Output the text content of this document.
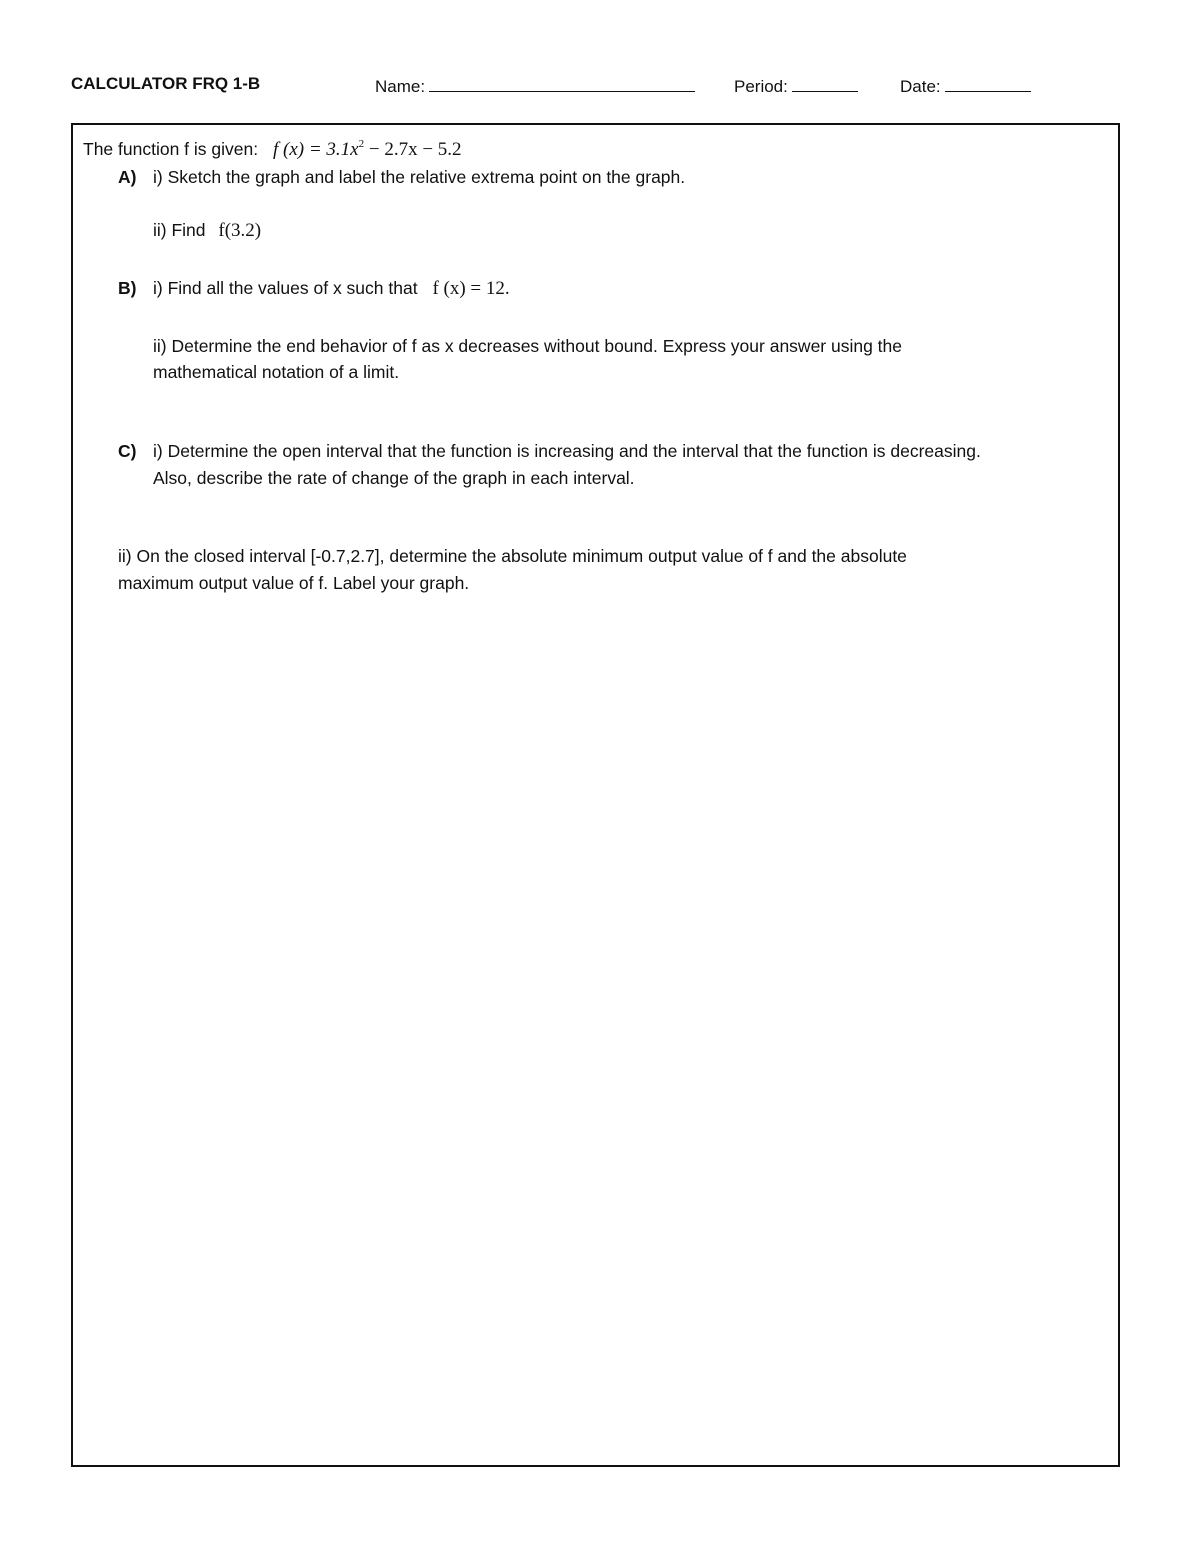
CALCULATOR FRQ 1-B	Name:	Period:	Date:
The function f is given: f $(x) = 3.1x^2 - 2.7x - 5.2$
A) i) Sketch the graph and label the relative extrema point on the graph.
ii) Find f(3.2)
B) i) Find all the values of x such that f (x) = 12.
ii) Determine the end behavior of f as x decreases without bound. Express your answer using the
mathematical notation of a limit.
C) i) Determine the open interval that the function is increasing and the interval that the function is decreasing.
Also, describe the rate of change of the graph in each interval.
ii) On the closed interval [-0.7,2.7], determine the absolute minimum output value of f and the absolute
maximum output value of f. Label your graph.
